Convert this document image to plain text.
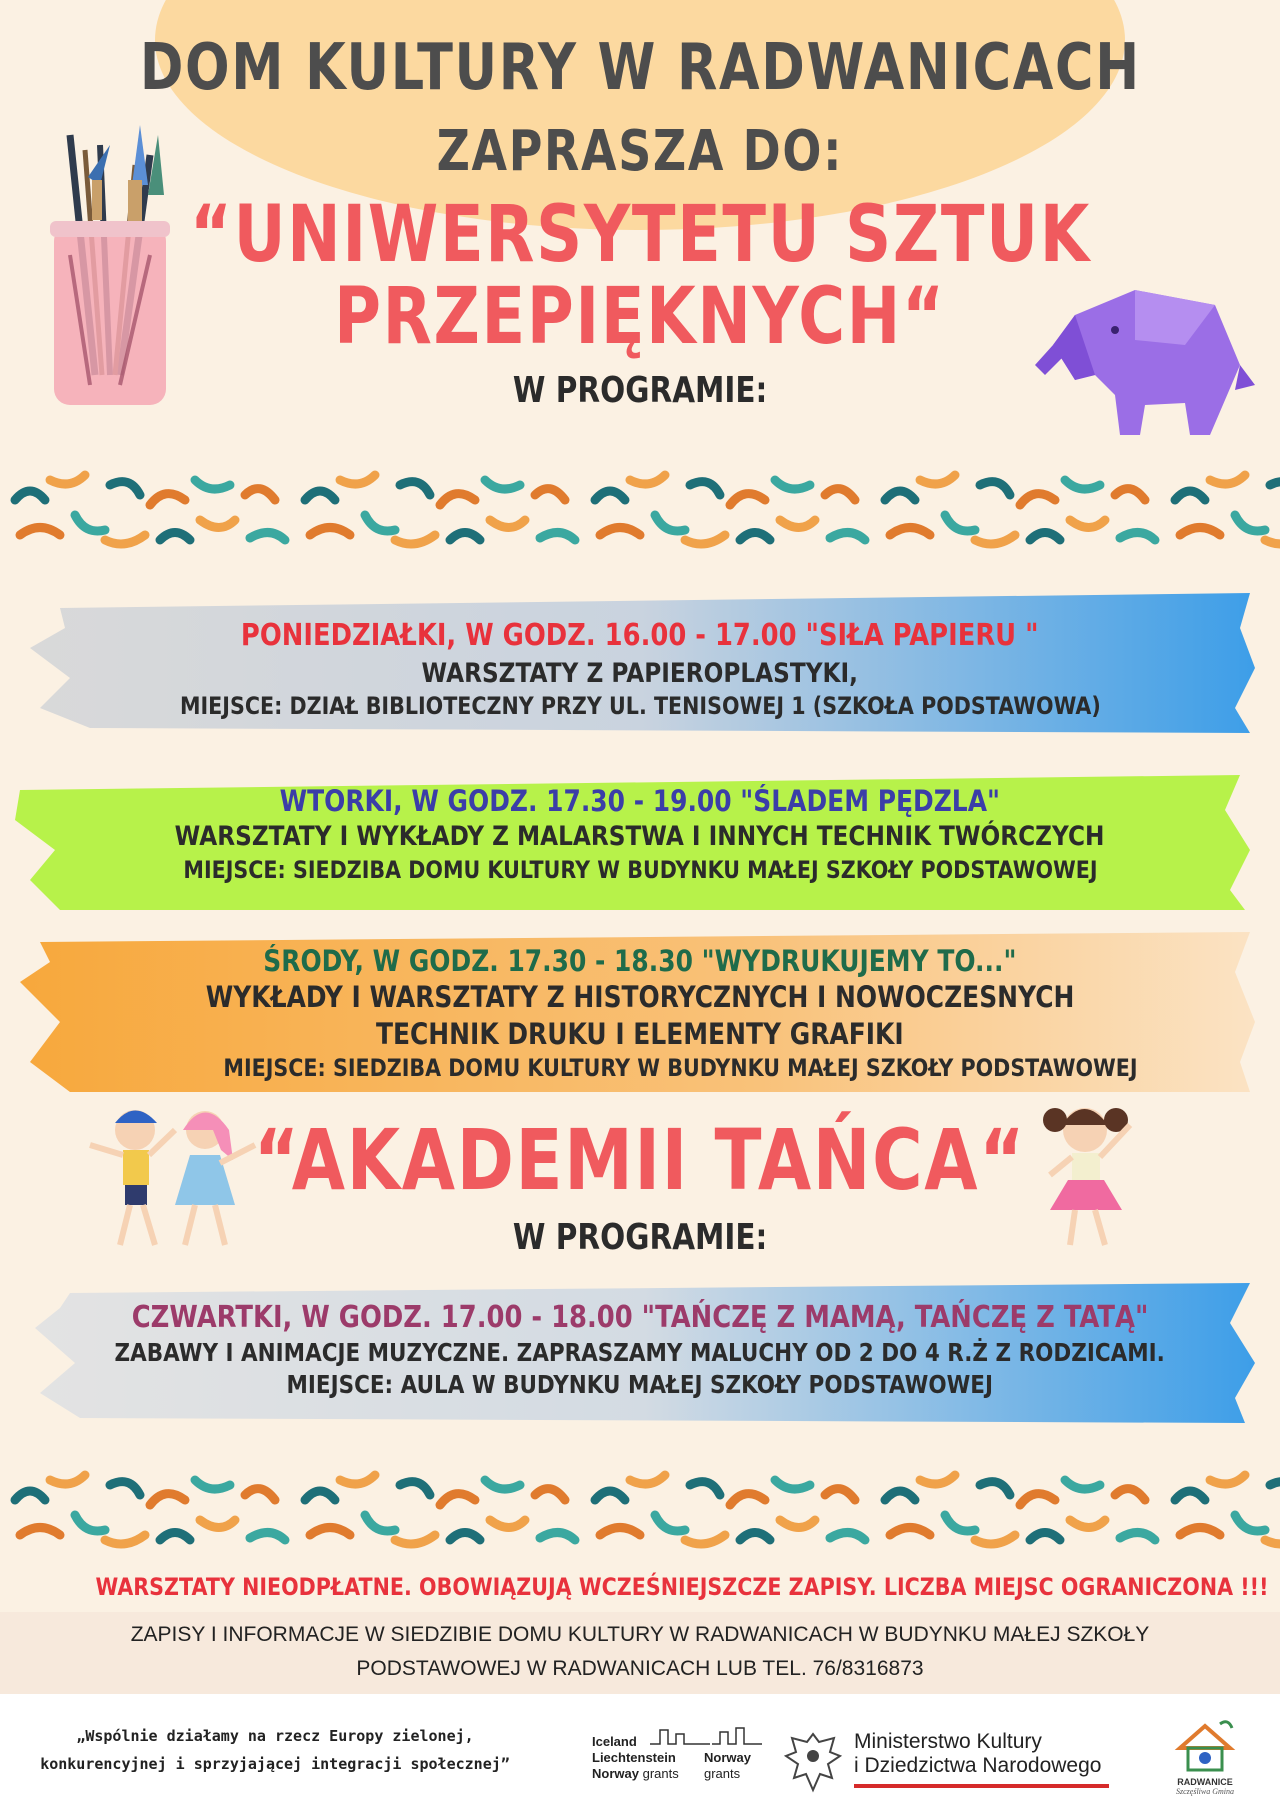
DOM KULTURY W RADWANICACH
ZAPRASZA DO:
“UNIWERSYTETU SZTUK
PRZEPIĘKNYCH“
W PROGRAMIE:
PONIEDZIAŁKI, W GODZ. 16.00 - 17.00 "SIŁA PAPIERU "
WARSZTATY Z PAPIEROPLASTYKI,
MIEJSCE: DZIAŁ BIBLIOTECZNY PRZY UL. TENISOWEJ 1 (SZKOŁA PODSTAWOWA)
WTORKI, W GODZ. 17.30 - 19.00 "ŚLADEM PĘDZLA"
WARSZTATY I WYKŁADY Z MALARSTWA I INNYCH TECHNIK TWÓRCZYCH
MIEJSCE: SIEDZIBA DOMU KULTURY W BUDYNKU MAŁEJ SZKOŁY PODSTAWOWEJ
ŚRODY, W GODZ. 17.30 - 18.30 "WYDRUKUJEMY TO..."
WYKŁADY I WARSZTATY Z HISTORYCZNYCH I NOWOCZESNYCH
TECHNIK DRUKU I ELEMENTY GRAFIKI
MIEJSCE: SIEDZIBA DOMU KULTURY W BUDYNKU MAŁEJ SZKOŁY PODSTAWOWEJ
“AKADEMII TAŃCA“
W PROGRAMIE:
CZWARTKI, W GODZ. 17.00 - 18.00 "TAŃCZĘ Z MAMĄ, TAŃCZĘ Z TATĄ"
ZABAWY I ANIMACJE MUZYCZNE. ZAPRASZAMY MALUCHY OD 2 DO 4 R.Ż Z RODZICAMI.
MIEJSCE: AULA W BUDYNKU MAŁEJ SZKOŁY PODSTAWOWEJ
WARSZTATY NIEODPŁATNE. OBOWIĄZUJĄ WCZEŚNIEJSZCZE ZAPISY. LICZBA MIEJSC OGRANICZONA !!!
ZAPISY I INFORMACJE W SIEDZIBIE DOMU KULTURY W RADWANICACH W BUDYNKU MAŁEJ SZKOŁY
PODSTAWOWEJ W RADWANICACH LUB TEL. 76/8316873
„Wspólnie działamy na rzecz Europy zielonej,
konkurencyjnej i sprzyjającej integracji społecznej”
Iceland
Liechtenstein
Norway grants
Norway
grants
Ministerstwo Kultury
i Dziedzictwa Narodowego
RADWANICE
Szczęśliwa Gmina
